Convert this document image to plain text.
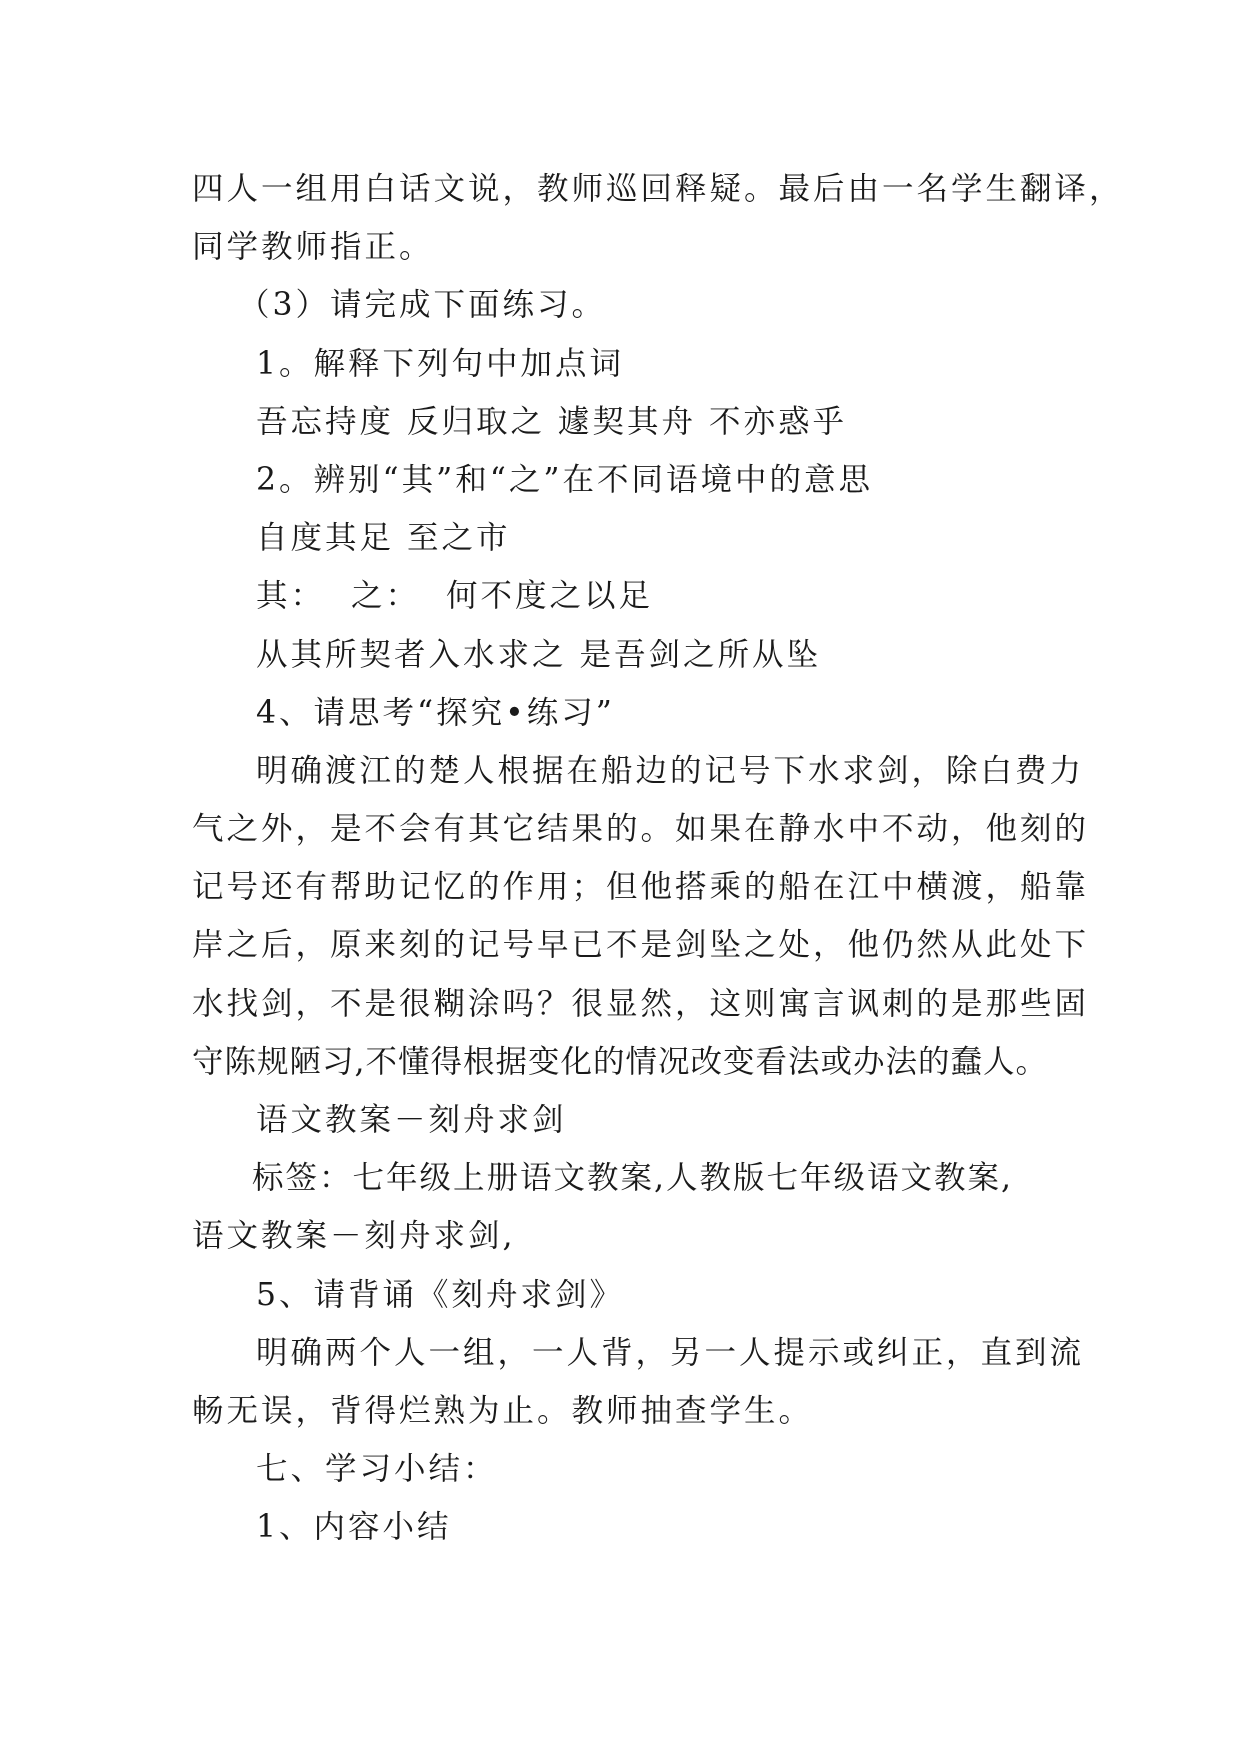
四人一组用白话文说，教师巡回释疑。最后由一名学生翻译，

同学教师指正。

（3）请完成下面练习。

1。解释下列句中加点词

吾忘持度 反归取之 遽契其舟 不亦惑乎

2。辨别“其”和“之”在不同语境中的意思

自度其足 至之市

其：  之：  何不度之以足

从其所契者入水求之 是吾剑之所从坠

4、请思考“探究•练习”

明确渡江的楚人根据在船边的记号下水求剑，除白费力

气之外，是不会有其它结果的。如果在静水中不动，他刻的

记号还有帮助记忆的作用；但他搭乘的船在江中横渡，船靠

岸之后，原来刻的记号早已不是剑坠之处，他仍然从此处下

水找剑，不是很糊涂吗？很显然，这则寓言讽刺的是那些固

守陈规陋习,不懂得根据变化的情况改变看法或办法的蠢人。

语文教案－刻舟求剑

标签：七年级上册语文教案,人教版七年级语文教案,

语文教案－刻舟求剑,

5、请背诵《刻舟求剑》

明确两个人一组，一人背，另一人提示或纠正，直到流

畅无误，背得烂熟为止。教师抽查学生。

七、学习小结：

1、内容小结
